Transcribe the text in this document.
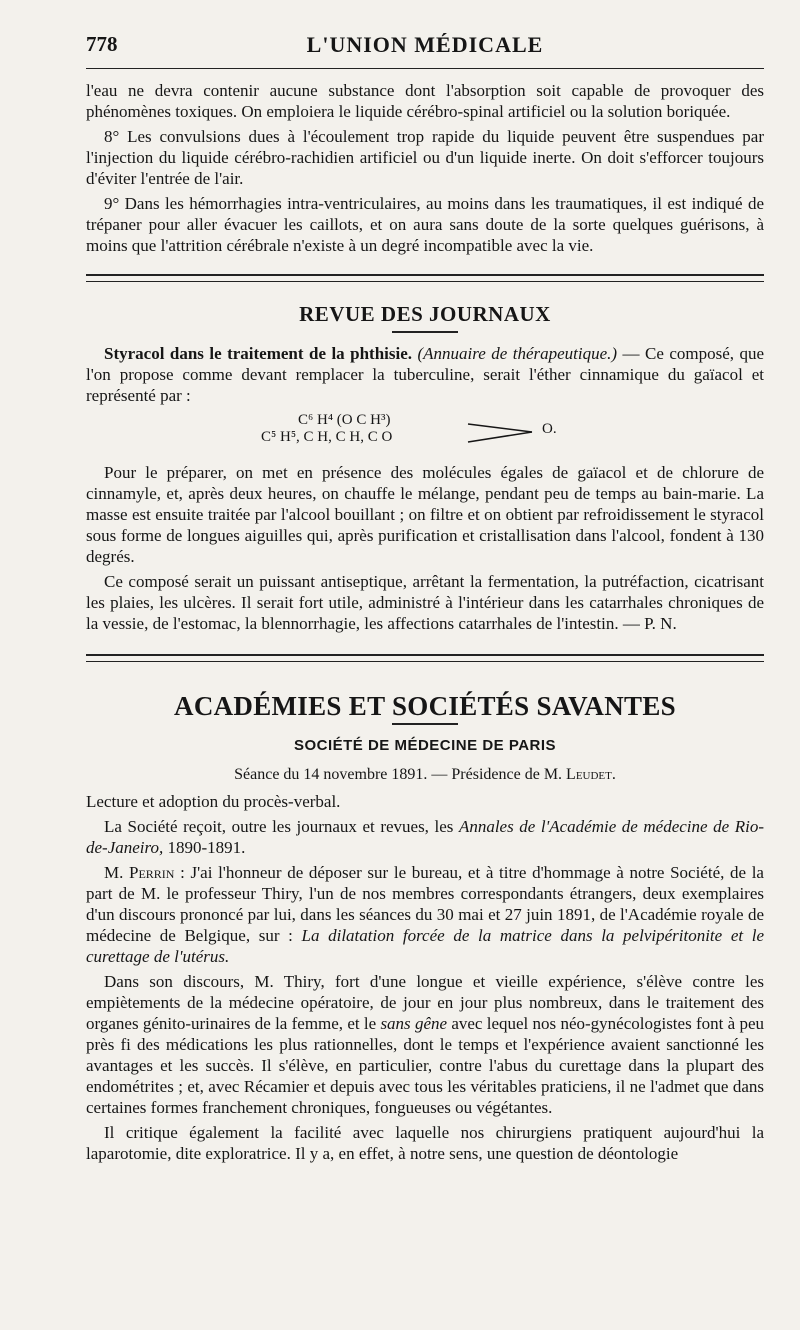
778	L'UNION MÉDICALE

l'eau ne devra contenir aucune substance dont l'absorption soit capable de provoquer des phénomènes toxiques. On emploiera le liquide cérébro-spinal artificiel ou la solution boriquée.

8° Les convulsions dues à l'écoulement trop rapide du liquide peuvent être suspendues par l'injection du liquide cérébro-rachidien artificiel ou d'un liquide inerte. On doit s'efforcer toujours d'éviter l'entrée de l'air.

9° Dans les hémorrhagies intra-ventriculaires, au moins dans les traumatiques, il est indiqué de trépaner pour aller évacuer les caillots, et on aura sans doute de la sorte quelques guérisons, à moins que l'attrition cérébrale n'existe à un degré incompatible avec la vie.

REVUE DES JOURNAUX

Styracol dans le traitement de la phthisie. (Annuaire de thérapeutique.) — Ce composé, que l'on propose comme devant remplacer la tuberculine, serait l'éther cinnamique du gaïacol et représenté par :

C⁶ H⁴ (O C H³)
C⁵ H⁵, C H, C H, C O	O.

Pour le préparer, on met en présence des molécules égales de gaïacol et de chlorure de cinnamyle, et, après deux heures, on chauffe le mélange, pendant peu de temps au bain-marie. La masse est ensuite traitée par l'alcool bouillant ; on filtre et on obtient par refroidissement le styracol sous forme de longues aiguilles qui, après purification et cristallisation dans l'alcool, fondent à 130 degrés.

Ce composé serait un puissant antiseptique, arrêtant la fermentation, la putréfaction, cicatrisant les plaies, les ulcères. Il serait fort utile, administré à l'intérieur dans les catarrhales chroniques de la vessie, de l'estomac, la blennorrhagie, les affections catarrhales de l'intestin. — P. N.

ACADÉMIES ET SOCIÉTÉS SAVANTES
SOCIÉTÉ DE MÉDECINE DE PARIS
Séance du 14 novembre 1891. — Présidence de M. Leudet.

Lecture et adoption du procès-verbal.

La Société reçoit, outre les journaux et revues, les Annales de l'Académie de médecine de Rio-de-Janeiro, 1890-1891.

M. Perrin : J'ai l'honneur de déposer sur le bureau, et à titre d'hommage à notre Société, de la part de M. le professeur Thiry, l'un de nos membres correspondants étrangers, deux exemplaires d'un discours prononcé par lui, dans les séances du 30 mai et 27 juin 1891, de l'Académie royale de médecine de Belgique, sur : La dilatation forcée de la matrice dans la pelvipéritonite et le curettage de l'utérus.

Dans son discours, M. Thiry, fort d'une longue et vieille expérience, s'élève contre les empiètements de la médecine opératoire, de jour en jour plus nombreux, dans le traitement des organes génito-urinaires de la femme, et le sans gêne avec lequel nos néo-gynécologistes font à peu près fi des médications les plus rationnelles, dont le temps et l'expérience avaient sanctionné les avantages et les succès. Il s'élève, en particulier, contre l'abus du curettage dans la plupart des endométrites ; et, avec Récamier et depuis avec tous les véritables praticiens, il ne l'admet que dans certaines formes franchement chroniques, fongueuses ou végétantes.

Il critique également la facilité avec laquelle nos chirurgiens pratiquent aujourd'hui la laparotomie, dite exploratrice. Il y a, en effet, à notre sens, une question de déontologie
